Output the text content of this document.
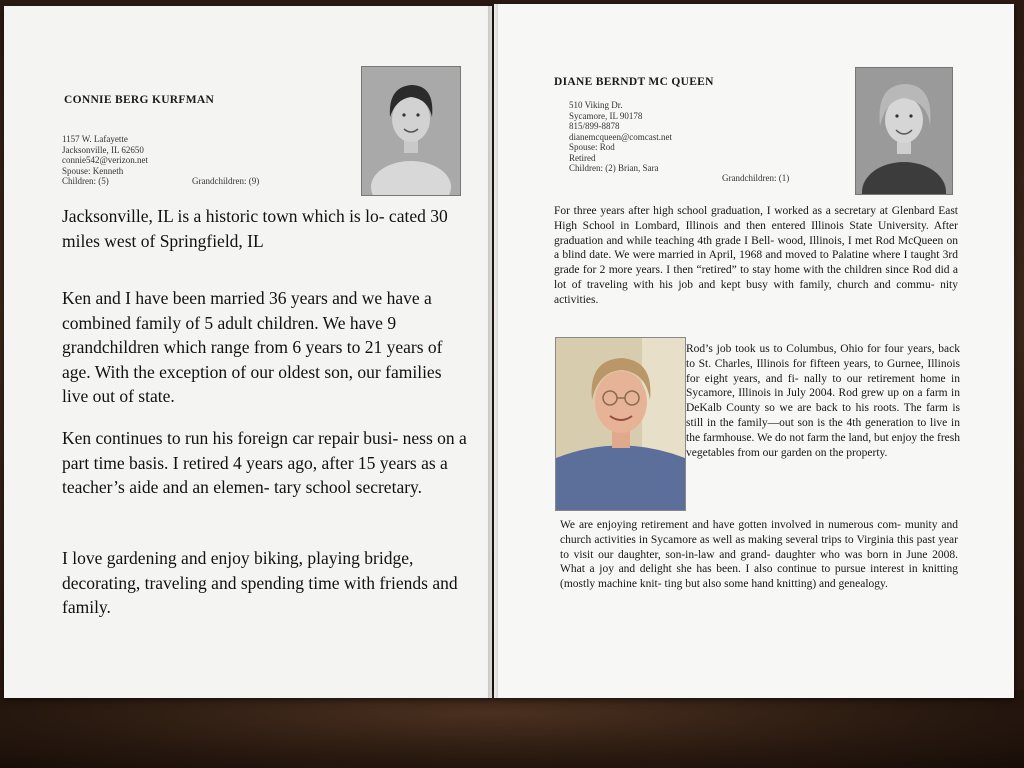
CONNIE BERG KURFMAN
1157 W. Lafayette
Jacksonville, IL 62650
connie542@verizon.net
Spouse: Kenneth
Children: (5)	Grandchildren: (9)
Jacksonville, IL is a historic town which is lo- cated 30 miles west of Springfield, IL
Ken and I have been married 36 years and we have a combined family of 5 adult children. We have 9 grandchildren which range from 6 years to 21 years of age. With the exception of our oldest son, our families live out of state.
Ken continues to run his foreign car repair busi- ness on a part time basis. I retired 4 years ago, after 15 years as a teacher’s aide and an elemen- tary school secretary.
I love gardening and enjoy biking, playing bridge, decorating, traveling and spending time with friends and family.
DIANE BERNDT MC QUEEN
510 Viking Dr.
Sycamore, IL 90178
815/899-8878
dianemcqueen@comcast.net
Spouse: Rod
Retired
Children: (2) Brian, Sara
Grandchildren: (1)
For three years after high school graduation, I worked as a secretary at Glenbard East High School in Lombard, Illinois and then entered Illinois State University. After graduation and while teaching 4th grade I Bell- wood, Illinois, I met Rod McQueen on a blind date. We were married in April, 1968 and moved to Palatine where I taught 3rd grade for 2 more years. I then “retired” to stay home with the children since Rod did a lot of traveling with his job and kept busy with family, church and commu- nity activities.
Rod’s job took us to Columbus, Ohio for four years, back to St. Charles, Illinois for fifteen years, to Gurnee, Illinois for eight years, and fi- nally to our retirement home in Sycamore, Illinois in July 2004. Rod grew up on a farm in DeKalb County so we are back to his roots. The farm is still in the family—out son is the 4th generation to live in the farmhouse. We do not farm the land, but enjoy the fresh vegetables from our garden on the property.
We are enjoying retirement and have gotten involved in numerous com- munity and church activities in Sycamore as well as making several trips to Virginia this past year to visit our daughter, son-in-law and grand- daughter who was born in June 2008. What a joy and delight she has been. I also continue to pursue interest in knitting (mostly machine knit- ting but also some hand knitting) and genealogy.
